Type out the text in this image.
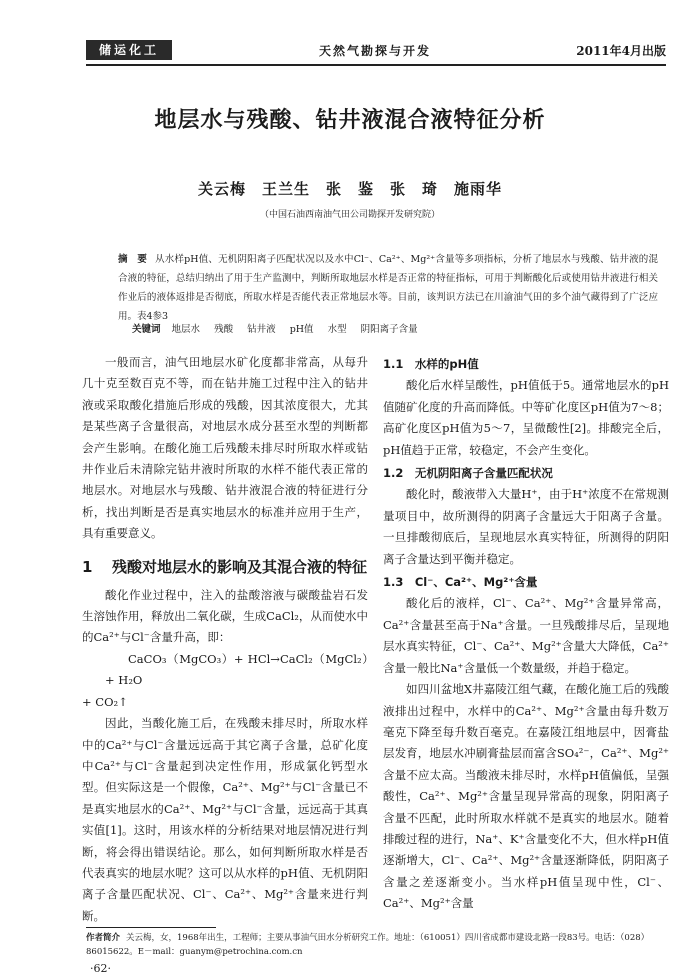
储运化工	天然气勘探与开发	2011年4月出版
地层水与残酸、钻井液混合液特征分析
关云梅　王兰生　张　鉴　张　琦　施雨华
（中国石油西南油气田公司勘探开发研究院）
摘　要 从水样pH值、无机阴阳离子匹配状况以及水中Cl⁻、Ca²⁺、Mg²⁺含量等多项指标，分析了地层水与残酸、钻井液的混合液的特征，总结归纳出了用于生产监测中，判断所取地层水样是否正常的特征指标，可用于判断酸化后或使用钻井液进行相关作业后的液体返排是否彻底，所取水样是否能代表正常地层水等。目前，该判识方法已在川渝油气田的多个油气藏得到了广泛应用。表4参3
关键词 地层水 残酸 钻井液 pH值 水型 阴阳离子含量

一般而言，油气田地层水矿化度都非常高，从每升几十克至数百克不等，而在钻井施工过程中注入的钻井液或采取酸化措施后形成的残酸，因其浓度很大，尤其是某些离子含量很高，对地层水成分甚至水型的判断都会产生影响。在酸化施工后残酸未排尽时所取水样或钻井作业后未清除完钻井液时所取的水样不能代表正常的地层水。对地层水与残酸、钻井液混合液的特征进行分析，找出判断是否是真实地层水的标准并应用于生产，具有重要意义。

1	残酸对地层水的影响及其混合液的特征

酸化作业过程中，注入的盐酸溶液与碳酸盐岩石发生溶蚀作用，释放出二氧化碳，生成CaCl₂，从而使水中的Ca²⁺与Cl⁻含量升高，即：

CaCO₃（MgCO₃）+ HCl→CaCl₂（MgCl₂）+ H₂O

+ CO₂↑

因此，当酸化施工后，在残酸未排尽时，所取水样中的Ca²⁺与Cl⁻含量远远高于其它离子含量，总矿化度中Ca²⁺与Cl⁻含量起到决定性作用，形成氯化钙型水型。但实际这是一个假像，Ca²⁺、Mg²⁺与Cl⁻含量已不是真实地层水的Ca²⁺、Mg²⁺与Cl⁻含量，远远高于其真实值[1]。这时，用该水样的分析结果对地层情况进行判断，将会得出错误结论。那么，如何判断所取水样是否代表真实的地层水呢？这可以从水样的pH值、无机阴阳离子含量匹配状况、Cl⁻、Ca²⁺、Mg²⁺含量来进行判断。

1.1　水样的pH值

酸化后水样呈酸性，pH值低于5。通常地层水的pH值随矿化度的升高而降低。中等矿化度区pH值为7～8；高矿化度区pH值为5～7，呈微酸性[2]。排酸完全后，pH值趋于正常，较稳定，不会产生变化。

1.2　无机阴阳离子含量匹配状况

酸化时，酸液带入大量H⁺，由于H⁺浓度不在常规测量项目中，故所测得的阴离子含量远大于阳离子含量。一旦排酸彻底后，呈现地层水真实特征，所测得的阴阳离子含量达到平衡并稳定。

1.3　Cl⁻、Ca²⁺、Mg²⁺含量

酸化后的液样，Cl⁻、Ca²⁺、Mg²⁺含量异常高，Ca²⁺含量甚至高于Na⁺含量。一旦残酸排尽后，呈现地层水真实特征，Cl⁻、Ca²⁺、Mg²⁺含量大大降低，Ca²⁺含量一般比Na⁺含量低一个数量级，并趋于稳定。

如四川盆地X井嘉陵江组气藏，在酸化施工后的残酸液排出过程中，水样中的Ca²⁺、Mg²⁺含量由每升数万毫克下降至每升数百毫克。在嘉陵江组地层中，因膏盐层发育，地层水冲刷膏盐层而富含SO₄²⁻，Ca²⁺、Mg²⁺含量不应太高。当酸液未排尽时，水样pH值偏低，呈强酸性，Ca²⁺、Mg²⁺含量呈现异常高的现象，阴阳离子含量不匹配，此时所取水样就不是真实的地层水。随着排酸过程的进行，Na⁺、K⁺含量变化不大，但水样pH值逐渐增大，Cl⁻、Ca²⁺、Mg²⁺含量逐渐降低，阴阳离子含量之差逐渐变小。当水样pH值呈现中性，Cl⁻、Ca²⁺、Mg²⁺含量

作者简介 关云梅，女，1968年出生，工程师；主要从事油气田水分析研究工作。地址：（610051）四川省成都市建设北路一段83号。电话：（028）86015622。E－mail：guanym@petrochina.com.cn
·62·
